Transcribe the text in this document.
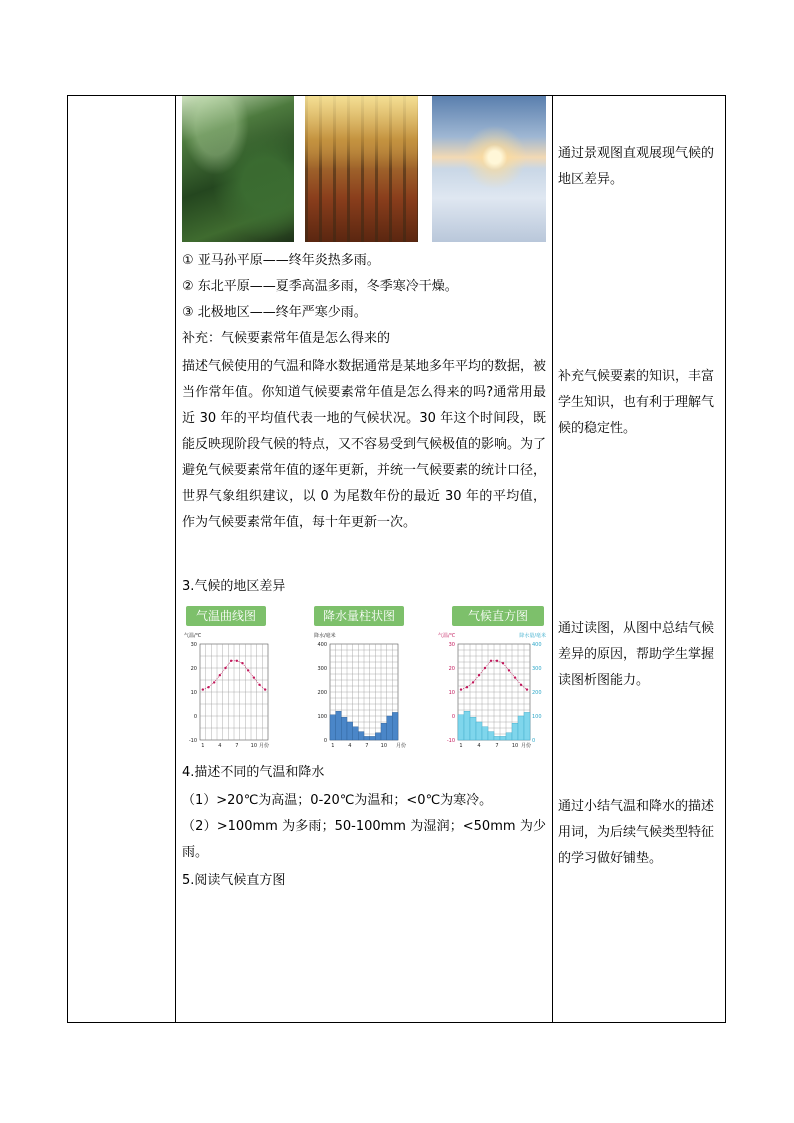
① 亚马孙平原——终年炎热多雨。
② 东北平原——夏季高温多雨，冬季寒冷干燥。
③ 北极地区——终年严寒少雨。
补充：气候要素常年值是怎么得来的
描述气候使用的气温和降水数据通常是某地多年平均的数据，被当作常年值。你知道气候要素常年值是怎么得来的吗?通常用最近 30 年的平均值代表一地的气候状况。30 年这个时间段，既能反映现阶段气候的特点，又不容易受到气候极值的影响。为了避免气候要素常年值的逐年更新，并统一气候要素的统计口径，世界气象组织建议，以 0 为尾数年份的最近 30 年的平均值，作为气候要素常年值，每十年更新一次。
3.气候的地区差异
4.描述不同的气温和降水
（1）>20℃为高温；0-20℃为温和；<0℃为寒冷。
（2）>100mm 为多雨；50-100mm 为湿润；<50mm 为少雨。
5.阅读气候直方图
通过景观图直观展现气候的地区差异。
补充气候要素的知识，丰富学生知识，也有利于理解气候的稳定性。
通过读图，从图中总结气候差异的原因，帮助学生掌握读图析图能力。
通过小结气温和降水的描述用词，为后续气候类型特征的学习做好铺垫。
气温曲线图	降水量柱状图	气候直方图
气温/℃
-10
0
10
20
30
1	4	7 10 月份
降水/毫米
0
100
200
300
400
1	4	7 10 月份
气温/℃	降水量/毫米
-10
0
10
20
30
0
100
200
300
400
1	4	7	10 月份
